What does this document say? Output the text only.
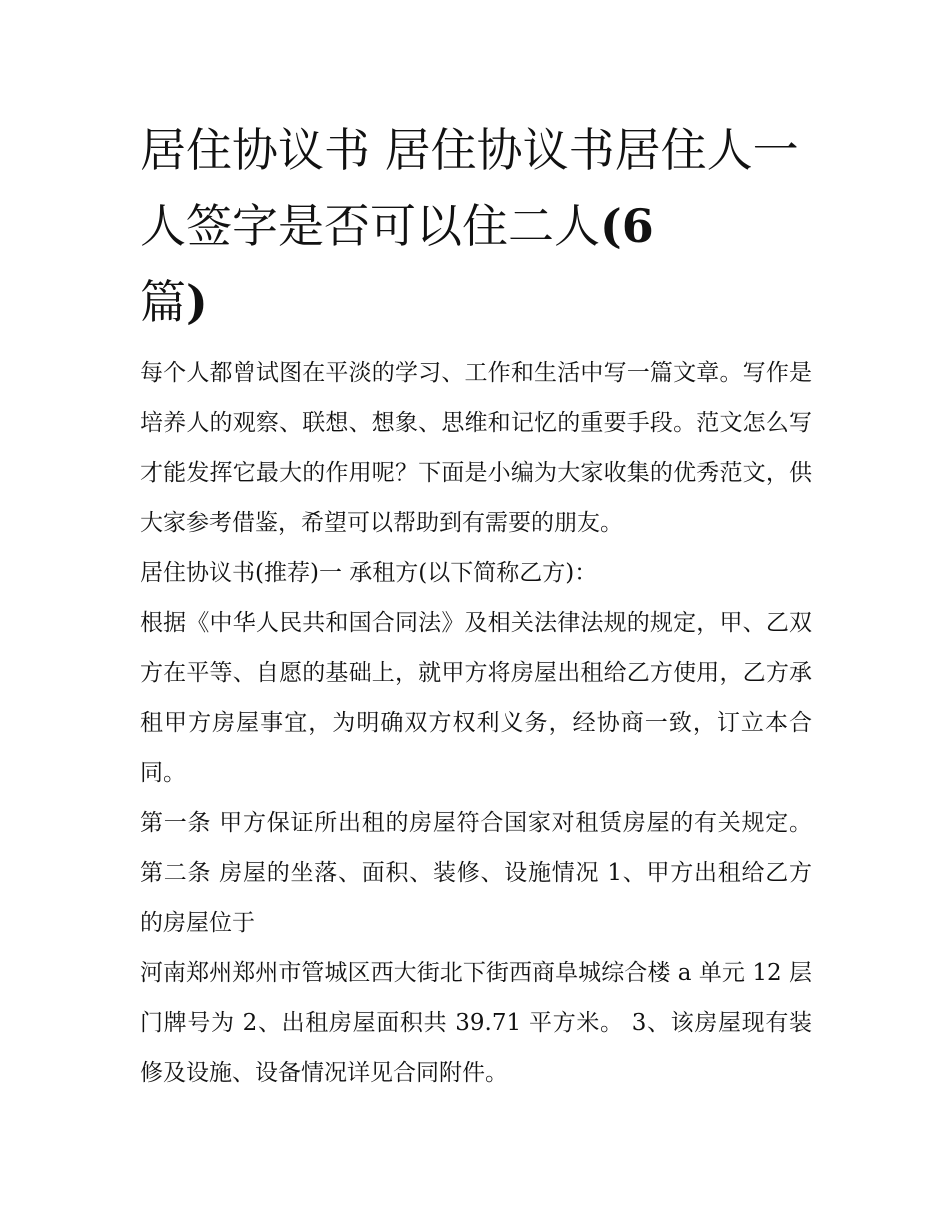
居住协议书 居住协议书居住人一人签字是否可以住二人(6
篇)

每个人都曾试图在平淡的学习、工作和生活中写一篇文章。写作是培养人的观察、联想、想象、思维和记忆的重要手段。范文怎么写才能发挥它最大的作用呢？下面是小编为大家收集的优秀范文，供大家参考借鉴，希望可以帮助到有需要的朋友。

居住协议书(推荐)一 承租方(以下简称乙方)：

根据《中华人民共和国合同法》及相关法律法规的规定，甲、乙双方在平等、自愿的基础上，就甲方将房屋出租给乙方使用，乙方承租甲方房屋事宜，为明确双方权利义务，经协商一致，订立本合同。

第一条 甲方保证所出租的房屋符合国家对租赁房屋的有关规定。 第二条 房屋的坐落、面积、装修、设施情况 1、甲方出租给乙方的房屋位于

河南郑州郑州市管城区西大街北下街西商阜城综合楼 a 单元 12 层门牌号为 2、出租房屋面积共 39.71 平方米。 3、该房屋现有装修及设施、设备情况详见合同附件。
